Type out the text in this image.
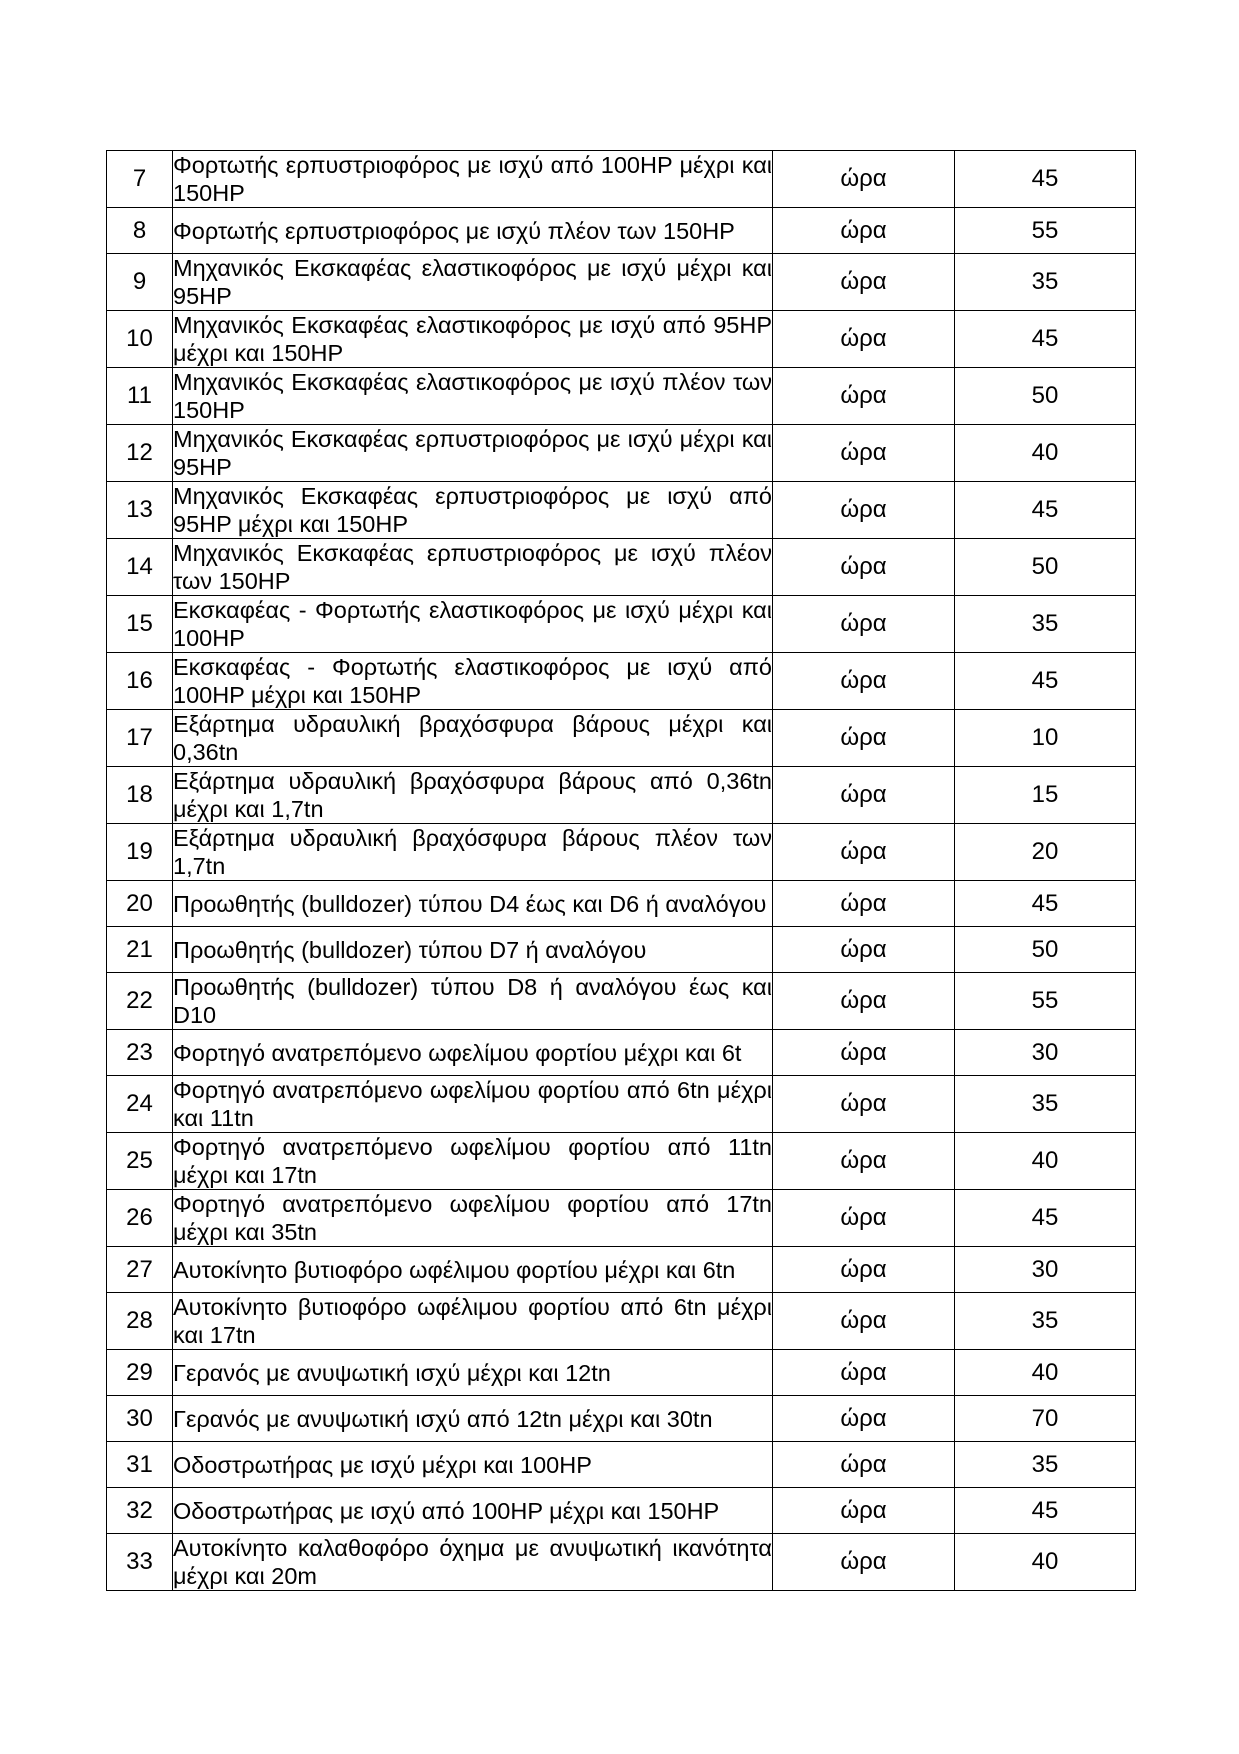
7	Φορτωτής ερπυστριοφόρος με ισχύ από 100HP μέχρι και 150HP	ώρα	45
8	Φορτωτής ερπυστριοφόρος με ισχύ πλέον των 150HP	ώρα	55
9	Μηχανικός Εκσκαφέας ελαστικοφόρος με ισχύ μέχρι και 95HP	ώρα	35
10	Μηχανικός Εκσκαφέας ελαστικοφόρος με ισχύ από 95HP μέχρι και 150HP	ώρα	45
11	Μηχανικός Εκσκαφέας ελαστικοφόρος με ισχύ πλέον των 150HP	ώρα	50
12	Μηχανικός Εκσκαφέας ερπυστριοφόρος με ισχύ μέχρι και 95HP	ώρα	40
13	Μηχανικός Εκσκαφέας ερπυστριοφόρος με ισχύ από 95HP μέχρι και 150HP	ώρα	45
14	Μηχανικός Εκσκαφέας ερπυστριοφόρος με ισχύ πλέον των 150HP	ώρα	50
15	Εκσκαφέας - Φορτωτής ελαστικοφόρος με ισχύ μέχρι και 100HP	ώρα	35
16	Εκσκαφέας - Φορτωτής ελαστικοφόρος με ισχύ από 100HP μέχρι και 150HP	ώρα	45
17	Εξάρτημα υδραυλική βραχόσφυρα βάρους μέχρι και 0,36tn	ώρα	10
18	Εξάρτημα υδραυλική βραχόσφυρα βάρους από 0,36tn μέχρι και 1,7tn	ώρα	15
19	Εξάρτημα υδραυλική βραχόσφυρα βάρους πλέον των 1,7tn	ώρα	20
20	Προωθητής (bulldozer) τύπου D4 έως και D6 ή αναλόγου	ώρα	45
21	Προωθητής (bulldozer) τύπου D7 ή αναλόγου	ώρα	50
22	Προωθητής (bulldozer) τύπου D8 ή αναλόγου έως και D10	ώρα	55
23	Φορτηγό ανατρεπόμενο ωφελίμου φορτίου μέχρι και 6t	ώρα	30
24	Φορτηγό ανατρεπόμενο ωφελίμου φορτίου από 6tn μέχρι και 11tn	ώρα	35
25	Φορτηγό ανατρεπόμενο ωφελίμου φορτίου από 11tn μέχρι και 17tn	ώρα	40
26	Φορτηγό ανατρεπόμενο ωφελίμου φορτίου από 17tn μέχρι και 35tn	ώρα	45
27	Αυτοκίνητο βυτιοφόρο ωφέλιμου φορτίου μέχρι και 6tn	ώρα	30
28	Αυτοκίνητο βυτιοφόρο ωφέλιμου φορτίου από 6tn μέχρι και 17tn	ώρα	35
29	Γερανός με ανυψωτική ισχύ μέχρι και 12tn	ώρα	40
30	Γερανός με ανυψωτική ισχύ από 12tn μέχρι και 30tn	ώρα	70
31	Οδοστρωτήρας με ισχύ μέχρι και 100HP	ώρα	35
32	Οδοστρωτήρας με ισχύ από 100HP μέχρι και 150HP	ώρα	45
33	Αυτοκίνητο καλαθοφόρο όχημα με ανυψωτική ικανότητα μέχρι και 20m	ώρα	40
